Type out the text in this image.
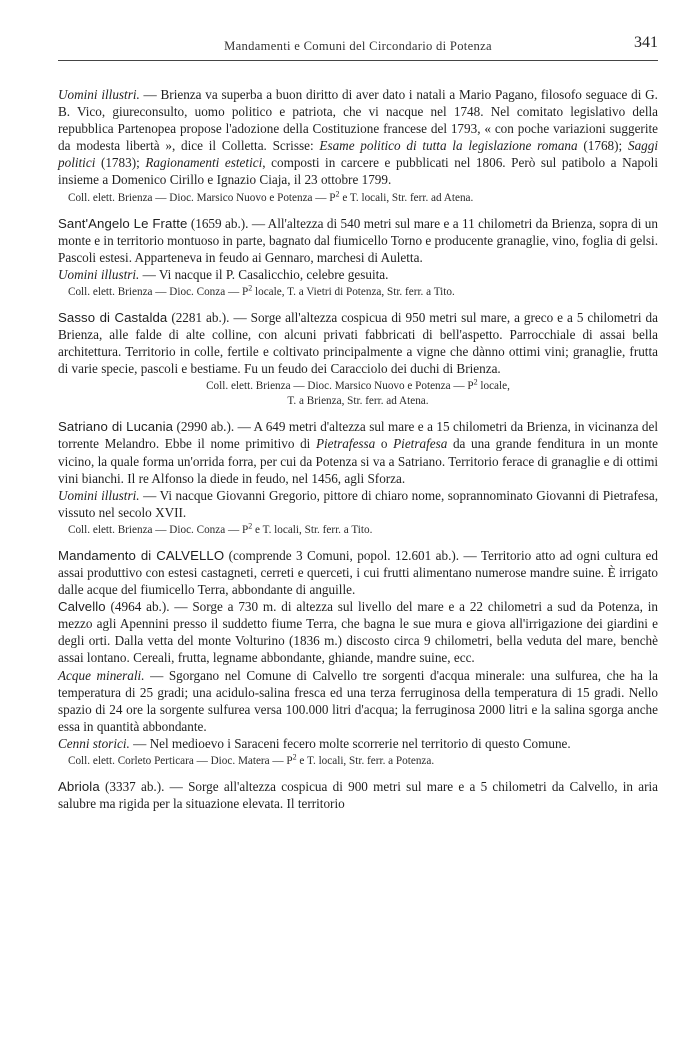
Mandamenti e Comuni del Circondario di Potenza	341

Uomini illustri. — Brienza va superba a buon diritto di aver dato i natali a Mario Pagano, filosofo seguace di G. B. Vico, giureconsulto, uomo politico e patriota, che vi nacque nel 1748. Nel comitato legislativo della repubblica Partenopea propose l'adozione della Costituzione francese del 1793, « con poche variazioni suggerite da modesta libertà », dice il Colletta. Scrisse: Esame politico di tutta la legislazione romana (1768); Saggi politici (1783); Ragionamenti estetici, composti in carcere e pubblicati nel 1806. Però sul patibolo a Napoli insieme a Domenico Cirillo e Ignazio Ciaja, il 23 ottobre 1799.

Coll. elett. Brienza — Dioc. Marsico Nuovo e Potenza — $P^2$ e T. locali, Str. ferr. ad Atena.

Sant'Angelo Le Fratte (1659 ab.). — All'altezza di 540 metri sul mare e a 11 chilometri da Brienza, sopra di un monte e in territorio montuoso in parte, bagnato dal fiumicello Torno e producente granaglie, vino, foglia di gelsi. Pascoli estesi. Apparteneva in feudo ai Gennaro, marchesi di Auletta.

Uomini illustri. — Vi nacque il P. Casalicchio, celebre gesuita.

Coll. elett. Brienza — Dioc. Conza — $P^2$ locale, T. a Vietri di Potenza, Str. ferr. a Tito.

Sasso di Castalda (2281 ab.). — Sorge all'altezza cospicua di 950 metri sul mare, a greco e a 5 chilometri da Brienza, alle falde di alte colline, con alcuni privati fabbricati di bell'aspetto. Parrocchiale di assai bella architettura. Territorio in colle, fertile e coltivato principalmente a vigne che dànno ottimi vini; granaglie, frutta di varie specie, pascoli e bestiame. Fu un feudo dei Caracciolo dei duchi di Brienza.

Coll. elett. Brienza — Dioc. Marsico Nuovo e Potenza — $P^2$ locale,

T. a Brienza, Str. ferr. ad Atena.

Satriano di Lucania (2990 ab.). — A 649 metri d'altezza sul mare e a 15 chilometri da Brienza, in vicinanza del torrente Melandro. Ebbe il nome primitivo di Pietrafessa o Pietrafesa da una grande fenditura in un monte vicino, la quale forma un'orrida forra, per cui da Potenza si va a Satriano. Territorio ferace di granaglie e di ottimi vini bianchi. Il re Alfonso la diede in feudo, nel 1456, agli Sforza.

Uomini illustri. — Vi nacque Giovanni Gregorio, pittore di chiaro nome, soprannominato Giovanni di Pietrafesa, vissuto nel secolo XVII.

Coll. elett. Brienza — Dioc. Conza — $P^2$ e T. locali, Str. ferr. a Tito.

Mandamento di CALVELLO (comprende 3 Comuni, popol. 12.601 ab.). — Territorio atto ad ogni cultura ed assai produttivo con estesi castagneti, cerreti e querceti, i cui frutti alimentano numerose mandre suine. È irrigato dalle acque del fiumicello Terra, abbondante di anguille.

Calvello (4964 ab.). — Sorge a 730 m. di altezza sul livello del mare e a 22 chilometri a sud da Potenza, in mezzo agli Apennini presso il suddetto fiume Terra, che bagna le sue mura e giova all'irrigazione dei giardini e degli orti. Dalla vetta del monte Volturino (1836 m.) discosto circa 9 chilometri, bella veduta del mare, benchè assai lontano. Cereali, frutta, legname abbondante, ghiande, mandre suine, ecc.

Acque minerali. — Sgorgano nel Comune di Calvello tre sorgenti d'acqua minerale: una sulfurea, che ha la temperatura di 25 gradi; una acidulo-salina fresca ed una terza ferruginosa della temperatura di 15 gradi. Nello spazio di 24 ore la sorgente sulfurea versa 100.000 litri d'acqua; la ferruginosa 2000 litri e la salina sgorga anche essa in quantità abbondante.

Cenni storici. — Nel medioevo i Saraceni fecero molte scorrerie nel territorio di questo Comune.

Coll. elett. Corleto Perticara — Dioc. Matera — $P^2$ e T. locali, Str. ferr. a Potenza.

Abriola (3337 ab.). — Sorge all'altezza cospicua di 900 metri sul mare e a 5 chilometri da Calvello, in aria salubre ma rigida per la situazione elevata. Il territorio
